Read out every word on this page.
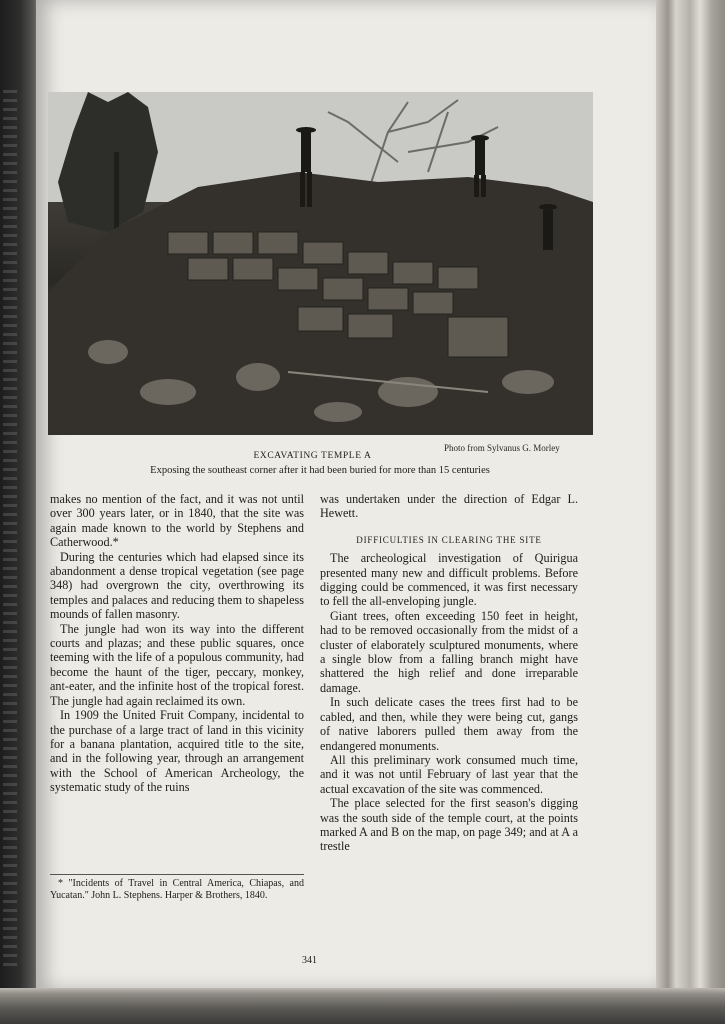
Photo from Sylvanus G. Morley
EXCAVATING TEMPLE A
Exposing the southeast corner after it had been buried for more than 15 centuries

makes no mention of the fact, and it was not until over 300 years later, or in 1840, that the site was again made known to the world by Stephens and Catherwood.*

During the centuries which had elapsed since its abandonment a dense tropical vegetation (see page 348) had overgrown the city, overthrowing its temples and palaces and reducing them to shapeless mounds of fallen masonry.

The jungle had won its way into the different courts and plazas; and these public squares, once teeming with the life of a populous community, had become the haunt of the tiger, peccary, monkey, ant-eater, and the infinite host of the tropical forest. The jungle had again reclaimed its own.

In 1909 the United Fruit Company, incidental to the purchase of a large tract of land in this vicinity for a banana plantation, acquired title to the site, and in the following year, through an arrangement with the School of American Archeology, the systematic study of the ruins

* "Incidents of Travel in Central America, Chiapas, and Yucatan." John L. Stephens. Harper & Brothers, 1840.

was undertaken under the direction of Edgar L. Hewett.

DIFFICULTIES IN CLEARING THE SITE

The archeological investigation of Quirigua presented many new and difficult problems. Before digging could be commenced, it was first necessary to fell the all-enveloping jungle.

Giant trees, often exceeding 150 feet in height, had to be removed occasionally from the midst of a cluster of elaborately sculptured monuments, where a single blow from a falling branch might have shattered the high relief and done irreparable damage.

In such delicate cases the trees first had to be cabled, and then, while they were being cut, gangs of native laborers pulled them away from the endangered monuments.

All this preliminary work consumed much time, and it was not until February of last year that the actual excavation of the site was commenced.

The place selected for the first season's digging was the south side of the temple court, at the points marked A and B on the map, on page 349; and at A a trestle

341
